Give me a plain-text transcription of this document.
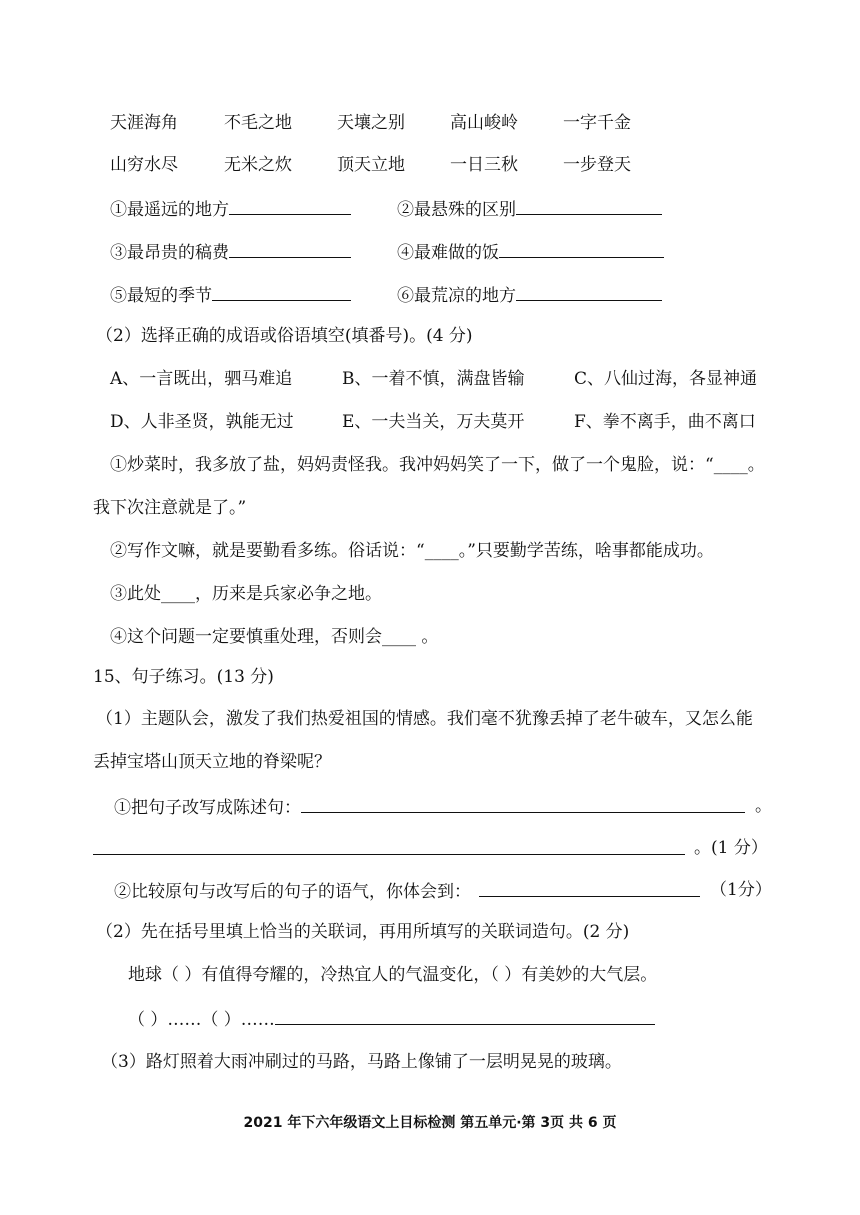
天涯海角	不毛之地	天壤之别	高山峻岭	一字千金
山穷水尽	无米之炊	顶天立地	一日三秋	一步登天
①最遥远的地方	②最悬殊的区别
③最昂贵的稿费	④最难做的饭
⑤最短的季节	⑥最荒凉的地方
（2）选择正确的成语或俗语填空(填番号)。(4 分)
A、一言既出，驷马难追	B、一着不慎，满盘皆输	C、八仙过海，各显神通
D、人非圣贤，孰能无过	E、一夫当关，万夫莫开	F、拳不离手，曲不离口
①炒菜时，我多放了盐，妈妈责怪我。我冲妈妈笑了一下，做了一个鬼脸，说：“____。
我下次注意就是了。”
②写作文嘛，就是要勤看多练。俗话说：“____。”只要勤学苦练，啥事都能成功。
③此处____，历来是兵家必争之地。
④这个问题一定要慎重处理，否则会____ 。
15、句子练习。(13 分)
（1）主题队会，激发了我们热爱祖国的情感。我们毫不犹豫丢掉了老牛破车，又怎么能
丢掉宝塔山顶天立地的脊梁呢？
①把句子改写成陈述句：	。
。(1 分）
②比较原句与改写后的句子的语气，你体会到：	（1分）
（2）先在括号里填上恰当的关联词，再用所填写的关联词造句。(2 分)
地球（ ）有值得夸耀的，冷热宜人的气温变化，（ ）有美妙的大气层。
（ ）……（ ）……
（3）路灯照着大雨冲刷过的马路，马路上像铺了一层明晃晃的玻璃。
2021 年下六年级语文上目标检测 第五单元·第 3页 共 6 页
